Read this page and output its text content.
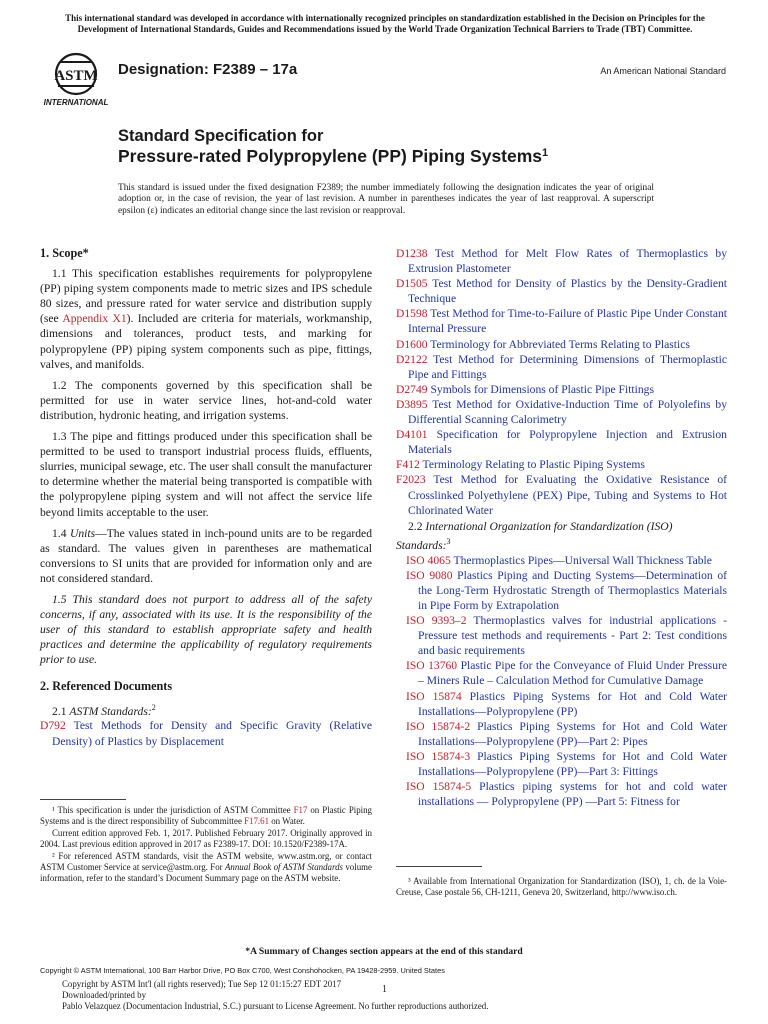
This international standard was developed in accordance with internationally recognized principles on standardization established in the Decision on Principles for the Development of International Standards, Guides and Recommendations issued by the World Trade Organization Technical Barriers to Trade (TBT) Committee.
ASTM
INTERNATIONAL
Designation: F2389 – 17a	An American National Standard
Standard Specification for
Pressure-rated Polypropylene (PP) Piping Systems$^1$
This standard is issued under the fixed designation F2389; the number immediately following the designation indicates the year of original adoption or, in the case of revision, the year of last revision. A number in parentheses indicates the year of last reapproval. A superscript epsilon (ε) indicates an editorial change since the last revision or reapproval.
1. Scope*

1.1 This specification establishes requirements for polypropylene (PP) piping system components made to metric sizes and IPS schedule 80 sizes, and pressure rated for water service and distribution supply (see Appendix X1). Included are criteria for materials, workmanship, dimensions and tolerances, product tests, and marking for polypropylene (PP) piping system components such as pipe, fittings, valves, and manifolds.

1.2 The components governed by this specification shall be permitted for use in water service lines, hot-and-cold water distribution, hydronic heating, and irrigation systems.

1.3 The pipe and fittings produced under this specification shall be permitted to be used to transport industrial process fluids, effluents, slurries, municipal sewage, etc. The user shall consult the manufacturer to determine whether the material being transported is compatible with the polypropylene piping system and will not affect the service life beyond limits acceptable to the user.

1.4 Units—The values stated in inch-pound units are to be regarded as standard. The values given in parentheses are mathematical conversions to SI units that are provided for information only and are not considered standard.

1.5 This standard does not purport to address all of the safety concerns, if any, associated with its use. It is the responsibility of the user of this standard to establish appropriate safety and health practices and determine the applicability of regulatory requirements prior to use.

2. Referenced Documents

2.1 ASTM Standards:$^2$

D792 Test Methods for Density and Specific Gravity (Relative Density) of Plastics by Displacement

D1238 Test Method for Melt Flow Rates of Thermoplastics by Extrusion Plastometer

D1505 Test Method for Density of Plastics by the Density-Gradient Technique

D1598 Test Method for Time-to-Failure of Plastic Pipe Under Constant Internal Pressure

D1600 Terminology for Abbreviated Terms Relating to Plastics

D2122 Test Method for Determining Dimensions of Thermoplastic Pipe and Fittings

D2749 Symbols for Dimensions of Plastic Pipe Fittings

D3895 Test Method for Oxidative-Induction Time of Polyolefins by Differential Scanning Calorimetry

D4101 Specification for Polypropylene Injection and Extrusion Materials

F412 Terminology Relating to Plastic Piping Systems

F2023 Test Method for Evaluating the Oxidative Resistance of Crosslinked Polyethylene (PEX) Pipe, Tubing and Systems to Hot Chlorinated Water

2.2 International Organization for Standardization (ISO) Standards:$^3$

ISO 4065 Thermoplastics Pipes—Universal Wall Thickness Table

ISO 9080 Plastics Piping and Ducting Systems—Determination of the Long-Term Hydrostatic Strength of Thermoplastics Materials in Pipe Form by Extrapolation

ISO 9393–2 Thermoplastics valves for industrial applications - Pressure test methods and requirements - Part 2: Test conditions and basic requirements

ISO 13760 Plastic Pipe for the Conveyance of Fluid Under Pressure – Miners Rule – Calculation Method for Cumulative Damage

ISO 15874 Plastics Piping Systems for Hot and Cold Water Installations—Polypropylene (PP)

ISO 15874-2 Plastics Piping Systems for Hot and Cold Water Installations—Polypropylene (PP)—Part 2: Pipes

ISO 15874-3 Plastics Piping Systems for Hot and Cold Water Installations—Polypropylene (PP)—Part 3: Fittings

ISO 15874-5 Plastics piping systems for hot and cold water installations — Polypropylene (PP) —Part 5: Fitness for

¹ This specification is under the jurisdiction of ASTM Committee F17 on Plastic Piping Systems and is the direct responsibility of Subcommittee F17.61 on Water.

Current edition approved Feb. 1, 2017. Published February 2017. Originally approved in 2004. Last previous edition approved in 2017 as F2389-17. DOI: 10.1520/F2389-17A.

² For referenced ASTM standards, visit the ASTM website, www.astm.org, or contact ASTM Customer Service at service@astm.org. For Annual Book of ASTM Standards volume information, refer to the standard’s Document Summary page on the ASTM website.	³ Available from International Organization for Standardization (ISO), 1, ch. de la Voie-Creuse, Case postale 56, CH-1211, Geneva 20, Switzerland, http://www.iso.ch.

*A Summary of Changes section appears at the end of this standard
Copyright © ASTM International, 100 Barr Harbor Drive, PO Box C700, West Conshohocken, PA 19428-2959. United States
Copyright by ASTM Int'l (all rights reserved); Tue Sep 12 01:15:27 EDT 2017
Downloaded/printed by
Pablo Velazquez (Documentacion Industrial, S.C.) pursuant to License Agreement. No further reproductions authorized.
1
